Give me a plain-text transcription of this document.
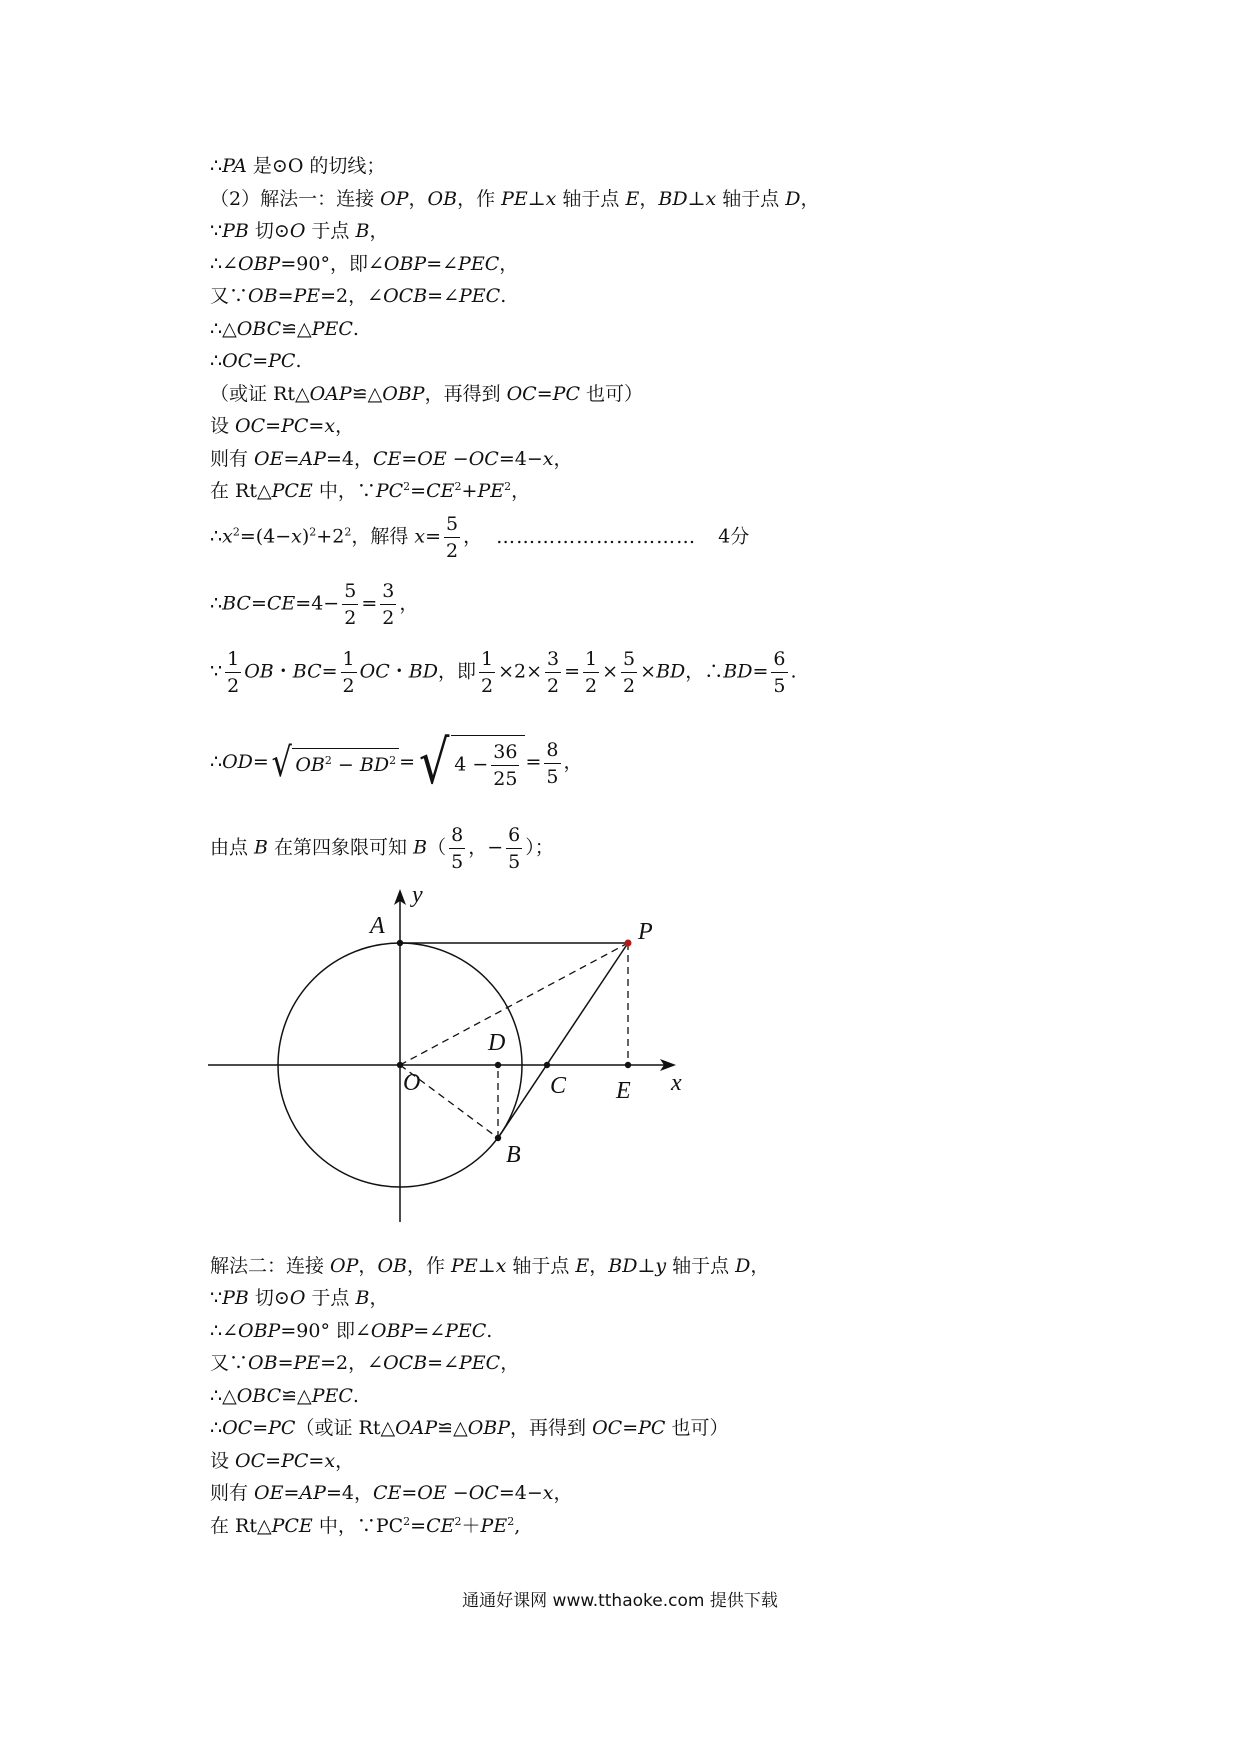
∴PA 是⊙O 的切线；
（2）解法一：连接 OP，OB，作 PE⊥x 轴于点 E，BD⊥x 轴于点 D，
∵PB 切⊙O 于点 B，
∴∠OBP=90°，即∠OBP=∠PEC，
又∵OB=PE=2，∠OCB=∠PEC.
∴△OBC≌△PEC.
∴OC=PC.
（或证 Rt△OAP≌△OBP，再得到 OC=PC 也可）
设 OC=PC=x，
则有 OE=AP=4，CE=OE −OC=4−x，
在 Rt△PCE 中，$\because PC^2=CE^2+PE^2$，
$\therefore x^2=(4-x)^2+2^2$，解得 $x= \frac{5}{2}$ ， ………………………… 4分
∴BC=CE=4− $\frac{5}{2} = \frac{3}{2}$ ，
∵ $\frac{1}{2}$ OB・$BC= \frac{1}{2}$ OC・BD，即 $\frac{1}{2} \times 2\times \frac{3}{2} = \frac{1}{2} \times \frac{5}{2} \times BD$，∴BD= $\frac{6}{5}$ .
∴OD=√ $OB^2 - BD^2$ =√ $4 - \frac{36}{25} = \frac{8}{5}$ ，
由点 B 在第四象限可知 $B( \frac{8}{5}$ ，− $\frac{6}{5}$ ）；
y
A	P
D
O	C E x
B
解法二：连接 OP，OB，作 PE⊥x 轴于点 E，BD⊥y 轴于点 D，
∵PB 切⊙O 于点 B，
∴∠OBP=90° 即∠OBP=∠PEC.
又∵OB=PE=2，∠OCB=∠PEC，
∴△OBC≌△PEC.
∴OC=PC（或证 Rt△OAP≌△OBP，再得到 OC=PC 也可）
设 OC=PC=x，
则有 OE=AP=4，CE=OE −OC=4−x，
在 Rt△PCE 中，$\because PC^2=CE^2+PE^2$,
通通好课网 www.tthaoke.com 提供下载
